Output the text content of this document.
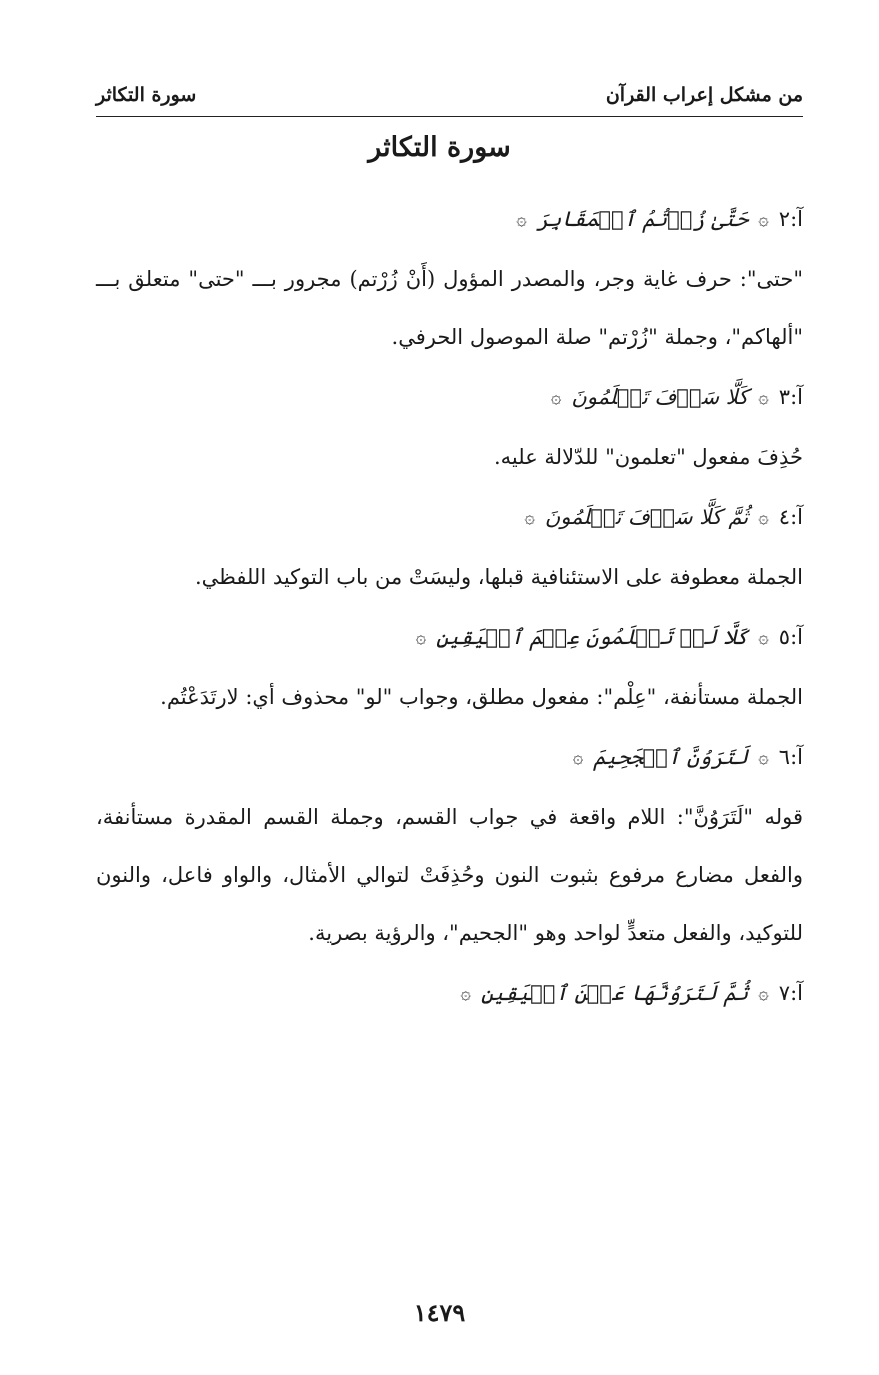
من مشكل إعراب القرآن
سورة التكاثر
سورة التكاثر
آ:٢
۞
حَتَّىٰ زُرۡتُمُ ٱلۡمَقَابِرَ
۞
"حتى": حرف غاية وجر، والمصدر المؤول (أَنْ زُرْتم) مجرور بـــ "حتى" متعلق بـــ "ألهاكم"، وجملة "زُرْتم" صلة الموصول الحرفي.
آ:٣
۞
كَلَّا سَوۡفَ تَعۡلَمُونَ
۞
حُذِفَ مفعول "تعلمون" للدّلالة عليه.
آ:٤
۞
ثُمَّ كَلَّا سَوۡفَ تَعۡلَمُونَ
۞
الجملة معطوفة على الاستئنافية قبلها، وليسَتْ من باب التوكيد اللفظي.
آ:٥
۞
كَلَّا لَوۡ تَعۡلَمُونَ عِلۡمَ ٱلۡيَقِينِ
۞
الجملة مستأنفة، "عِلْم": مفعول مطلق، وجواب "لو" محذوف أي: لارتَدَعْتُم.
آ:٦
۞
لَتَرَوُنَّ ٱلۡجَحِيمَ
۞
قوله "لَتَرَوُنَّ": اللام واقعة في جواب القسم، وجملة القسم المقدرة مستأنفة، والفعل مضارع مرفوع بثبوت النون وحُذِفَتْ لتوالي الأمثال، والواو فاعل، والنون للتوكيد، والفعل متعدٍّ لواحد وهو "الجحيم"، والرؤية بصرية.
آ:٧
۞
ثُمَّ لَتَرَوُنَّهَا عَيۡنَ ٱلۡيَقِينِ
۞
١٤٧٩
